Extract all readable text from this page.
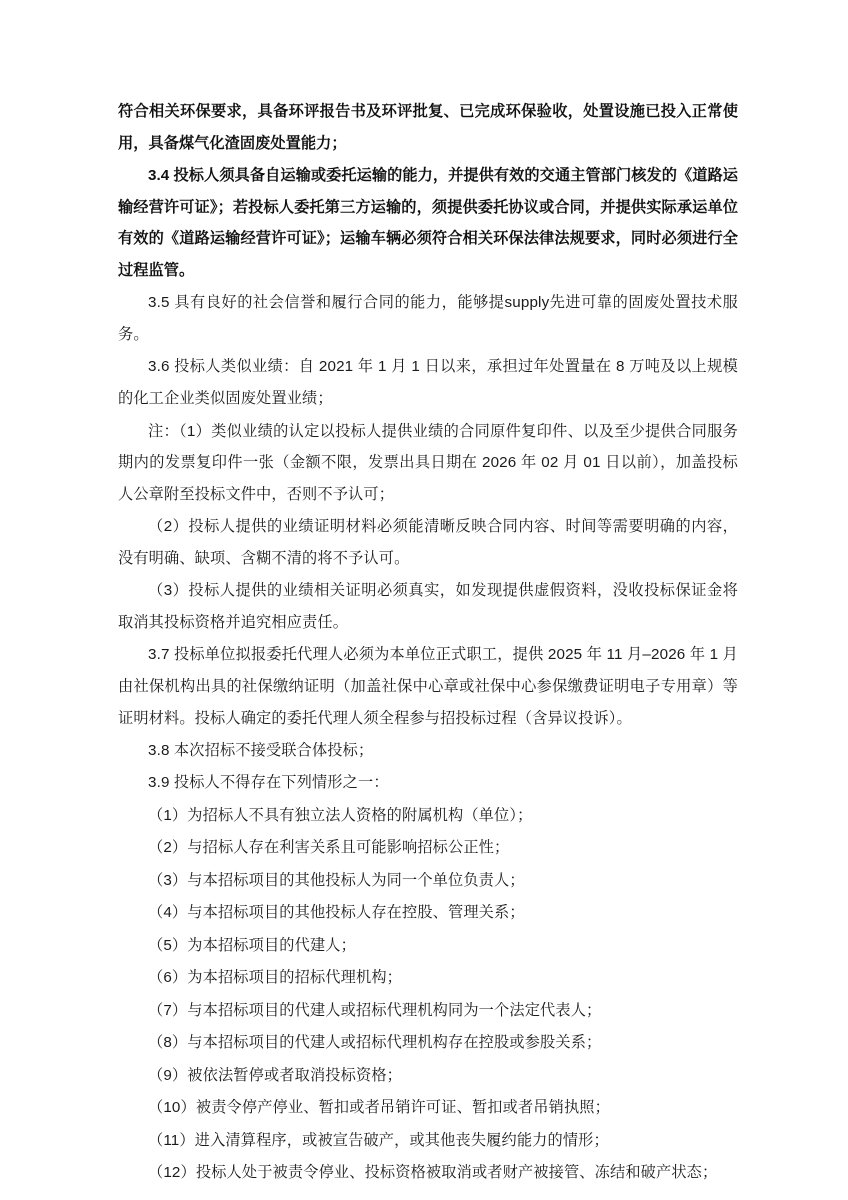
符合相关环保要求，具备环评报告书及环评批复、已完成环保验收，处置设施已投入正常使用，具备煤气化渣固废处置能力；

3.4 投标人须具备自运输或委托运输的能力，并提供有效的交通主管部门核发的《道路运输经营许可证》；若投标人委托第三方运输的，须提供委托协议或合同，并提供实际承运单位有效的《道路运输经营许可证》；运输车辆必须符合相关环保法律法规要求，同时必须进行全过程监管。

3.5 具有良好的社会信誉和履行合同的能力，能够提supply先进可靠的固废处置技术服务。

3.6 投标人类似业绩：自 2021 年 1 月 1 日以来，承担过年处置量在 8 万吨及以上规模的化工企业类似固废处置业绩；

注：（1）类似业绩的认定以投标人提供业绩的合同原件复印件、以及至少提供合同服务期内的发票复印件一张（金额不限，发票出具日期在 2026 年 02 月 01 日以前），加盖投标人公章附至投标文件中，否则不予认可；

（2）投标人提供的业绩证明材料必须能清晰反映合同内容、时间等需要明确的内容，没有明确、缺项、含糊不清的将不予认可。

（3）投标人提供的业绩相关证明必须真实，如发现提供虚假资料，没收投标保证金将取消其投标资格并追究相应责任。

3.7 投标单位拟报委托代理人必须为本单位正式职工，提供 2025 年 11 月–2026 年 1 月由社保机构出具的社保缴纳证明（加盖社保中心章或社保中心参保缴费证明电子专用章）等证明材料。投标人确定的委托代理人须全程参与招投标过程（含异议投诉）。

3.8 本次招标不接受联合体投标；

3.9 投标人不得存在下列情形之一：

（1）为招标人不具有独立法人资格的附属机构（单位）；

（2）与招标人存在利害关系且可能影响招标公正性；

（3）与本招标项目的其他投标人为同一个单位负责人；

（4）与本招标项目的其他投标人存在控股、管理关系；

（5）为本招标项目的代建人；

（6）为本招标项目的招标代理机构；

（7）与本招标项目的代建人或招标代理机构同为一个法定代表人；

（8）与本招标项目的代建人或招标代理机构存在控股或参股关系；

（9）被依法暂停或者取消投标资格；

（10）被责令停产停业、暂扣或者吊销许可证、暂扣或者吊销执照；

（11）进入清算程序，或被宣告破产，或其他丧失履约能力的情形；

（12）投标人处于被责令停业、投标资格被取消或者财产被接管、冻结和破产状态；
